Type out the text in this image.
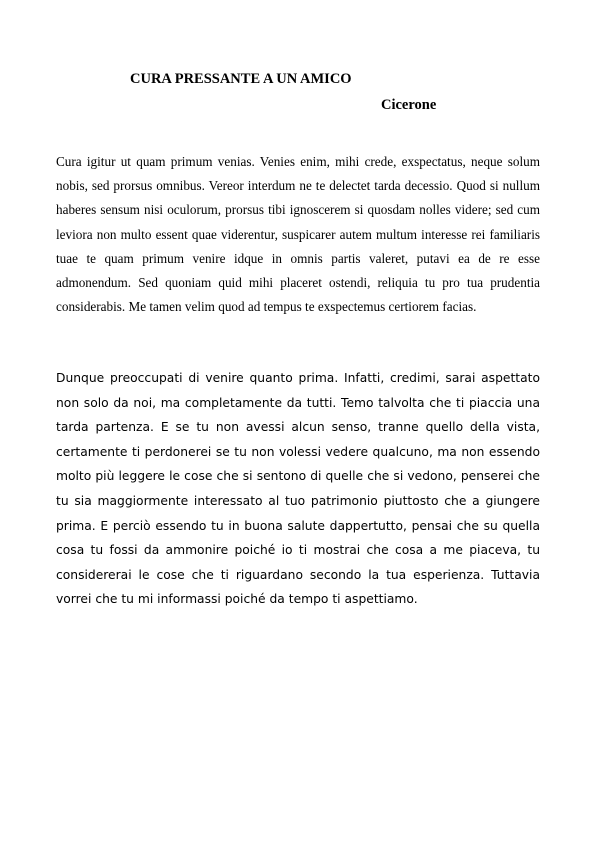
CURA PRESSANTE A UN AMICO
Cicerone

Cura igitur ut quam primum venias. Venies enim, mihi crede, exspectatus, neque solum nobis, sed prorsus omnibus. Vereor interdum ne te delectet tarda decessio. Quod si nullum haberes sensum nisi oculorum, prorsus tibi ignoscerem si quosdam nolles videre; sed cum leviora non multo essent quae viderentur, suspicarer autem multum interesse rei familiaris tuae te quam primum venire idque in omnis partis valeret, putavi ea de re esse admonendum. Sed quoniam quid mihi placeret ostendi, reliquia tu pro tua prudentia considerabis. Me tamen velim quod ad tempus te exspectemus certiorem facias.

Dunque preoccupati di venire quanto prima. Infatti, credimi, sarai aspettato non solo da noi, ma completamente da tutti. Temo talvolta che ti piaccia una tarda partenza. E se tu non avessi alcun senso, tranne quello della vista, certamente ti perdonerei se tu non volessi vedere qualcuno, ma non essendo molto più leggere le cose che si sentono di quelle che si vedono, penserei che tu sia maggiormente interessato al tuo patrimonio piuttosto che a giungere prima. E perciò essendo tu in buona salute dappertutto, pensai che su quella cosa tu fossi da ammonire poiché io ti mostrai che cosa a me piaceva, tu considererai le cose che ti riguardano secondo la tua esperienza. Tuttavia vorrei che tu mi informassi poiché da tempo ti aspettiamo.
